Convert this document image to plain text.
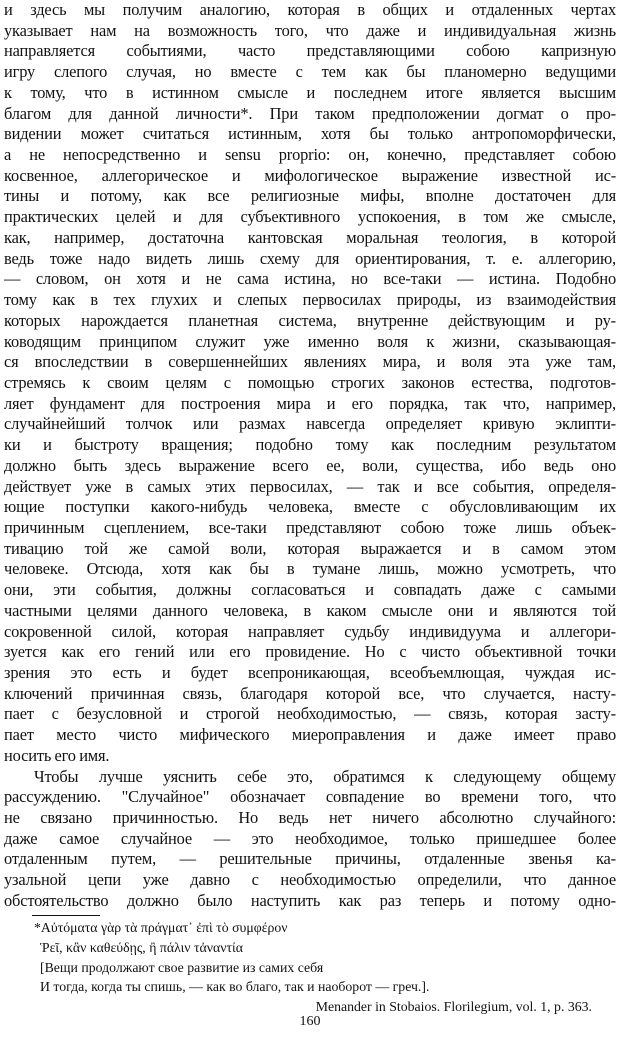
и здесь мы получим аналогию, которая в общих и отдаленных чертах
указывает нам на возможность того, что даже и индивидуальная жизнь
направляется событиями, часто представляющими собою капризную
игру слепого случая, но вместе с тем как бы планомерно ведущими
к тому, что в истинном смысле и последнем итоге является высшим
благом для данной личности*. При таком предположении догмат о про-
видении может считаться истинным, хотя бы только антропоморфически,
а не непосредственно и sensu proprio: он, конечно, представляет собою
косвенное, аллегорическое и мифологическое выражение известной ис-
тины и потому, как все религиозные мифы, вполне достаточен для
практических целей и для субъективного успокоения, в том же смысле,
как, например, достаточна кантовская моральная теология, в которой
ведь тоже надо видеть лишь схему для ориентирования, т. е. аллегорию,
— словом, он хотя и не сама истина, но все-таки — истина. Подобно
тому как в тех глухих и слепых первосилах природы, из взаимодействия
которых нарождается планетная система, внутренне действующим и ру-
ководящим принципом служит уже именно воля к жизни, сказывающая-
ся впоследствии в совершеннейших явлениях мира, и воля эта уже там,
стремясь к своим целям с помощью строгих законов естества, подготов-
ляет фундамент для построения мира и его порядка, так что, например,
случайнейший толчок или размах навсегда определяет кривую эклипти-
ки и быстроту вращения; подобно тому как последним результатом
должно быть здесь выражение всего ее, воли, существа, ибо ведь оно
действует уже в самых этих первосилах, — так и все события, определя-
ющие поступки какого-нибудь человека, вместе с обусловливающим их
причинным сцеплением, все-таки представляют собою тоже лишь объек-
тивацию той же самой воли, которая выражается и в самом этом
человеке. Отсюда, хотя как бы в тумане лишь, можно усмотреть, что
они, эти события, должны согласоваться и совпадать даже с самыми
частными целями данного человека, в каком смысле они и являются той
сокровенной силой, которая направляет судьбу индивидуума и аллегори-
зуется как его гений или его провидение. Но с чисто объективной точки
зрения это есть и будет всепроникающая, всеобъемлющая, чуждая ис-
ключений причинная связь, благодаря которой все, что случается, насту-
пает с безусловной и строгой необходимостью, — связь, которая засту-
пает место чисто мифического миероправления и даже имеет право
носить его имя.
Чтобы лучше уяснить себе это, обратимся к следующему общему
рассуждению. "Случайное" обозначает совпадение во времени того, что
не связано причинностью. Но ведь нет ничего абсолютно случайного:
даже самое случайное — это необходимое, только пришедшее более
отдаленным путем, — решительные причины, отдаленные звенья ка-
узальной цепи уже давно с необходимостью определили, что данное
обстоятельство должно было наступить как раз теперь и потому одно-
*Αὐτόματα γὰρ τὰ πράγματ᾽ ἐπὶ τὸ συμφέρον
Ῥεῖ, κἂν καθεύδῃς, ἢ πάλιν τἀναντία
[Вещи продолжают свое развитие из самих себя
И тогда, когда ты спишь, — как во благо, так и наоборот — греч.].
Menander in Stobaios. Florilegium, vol. 1, p. 363.
160
